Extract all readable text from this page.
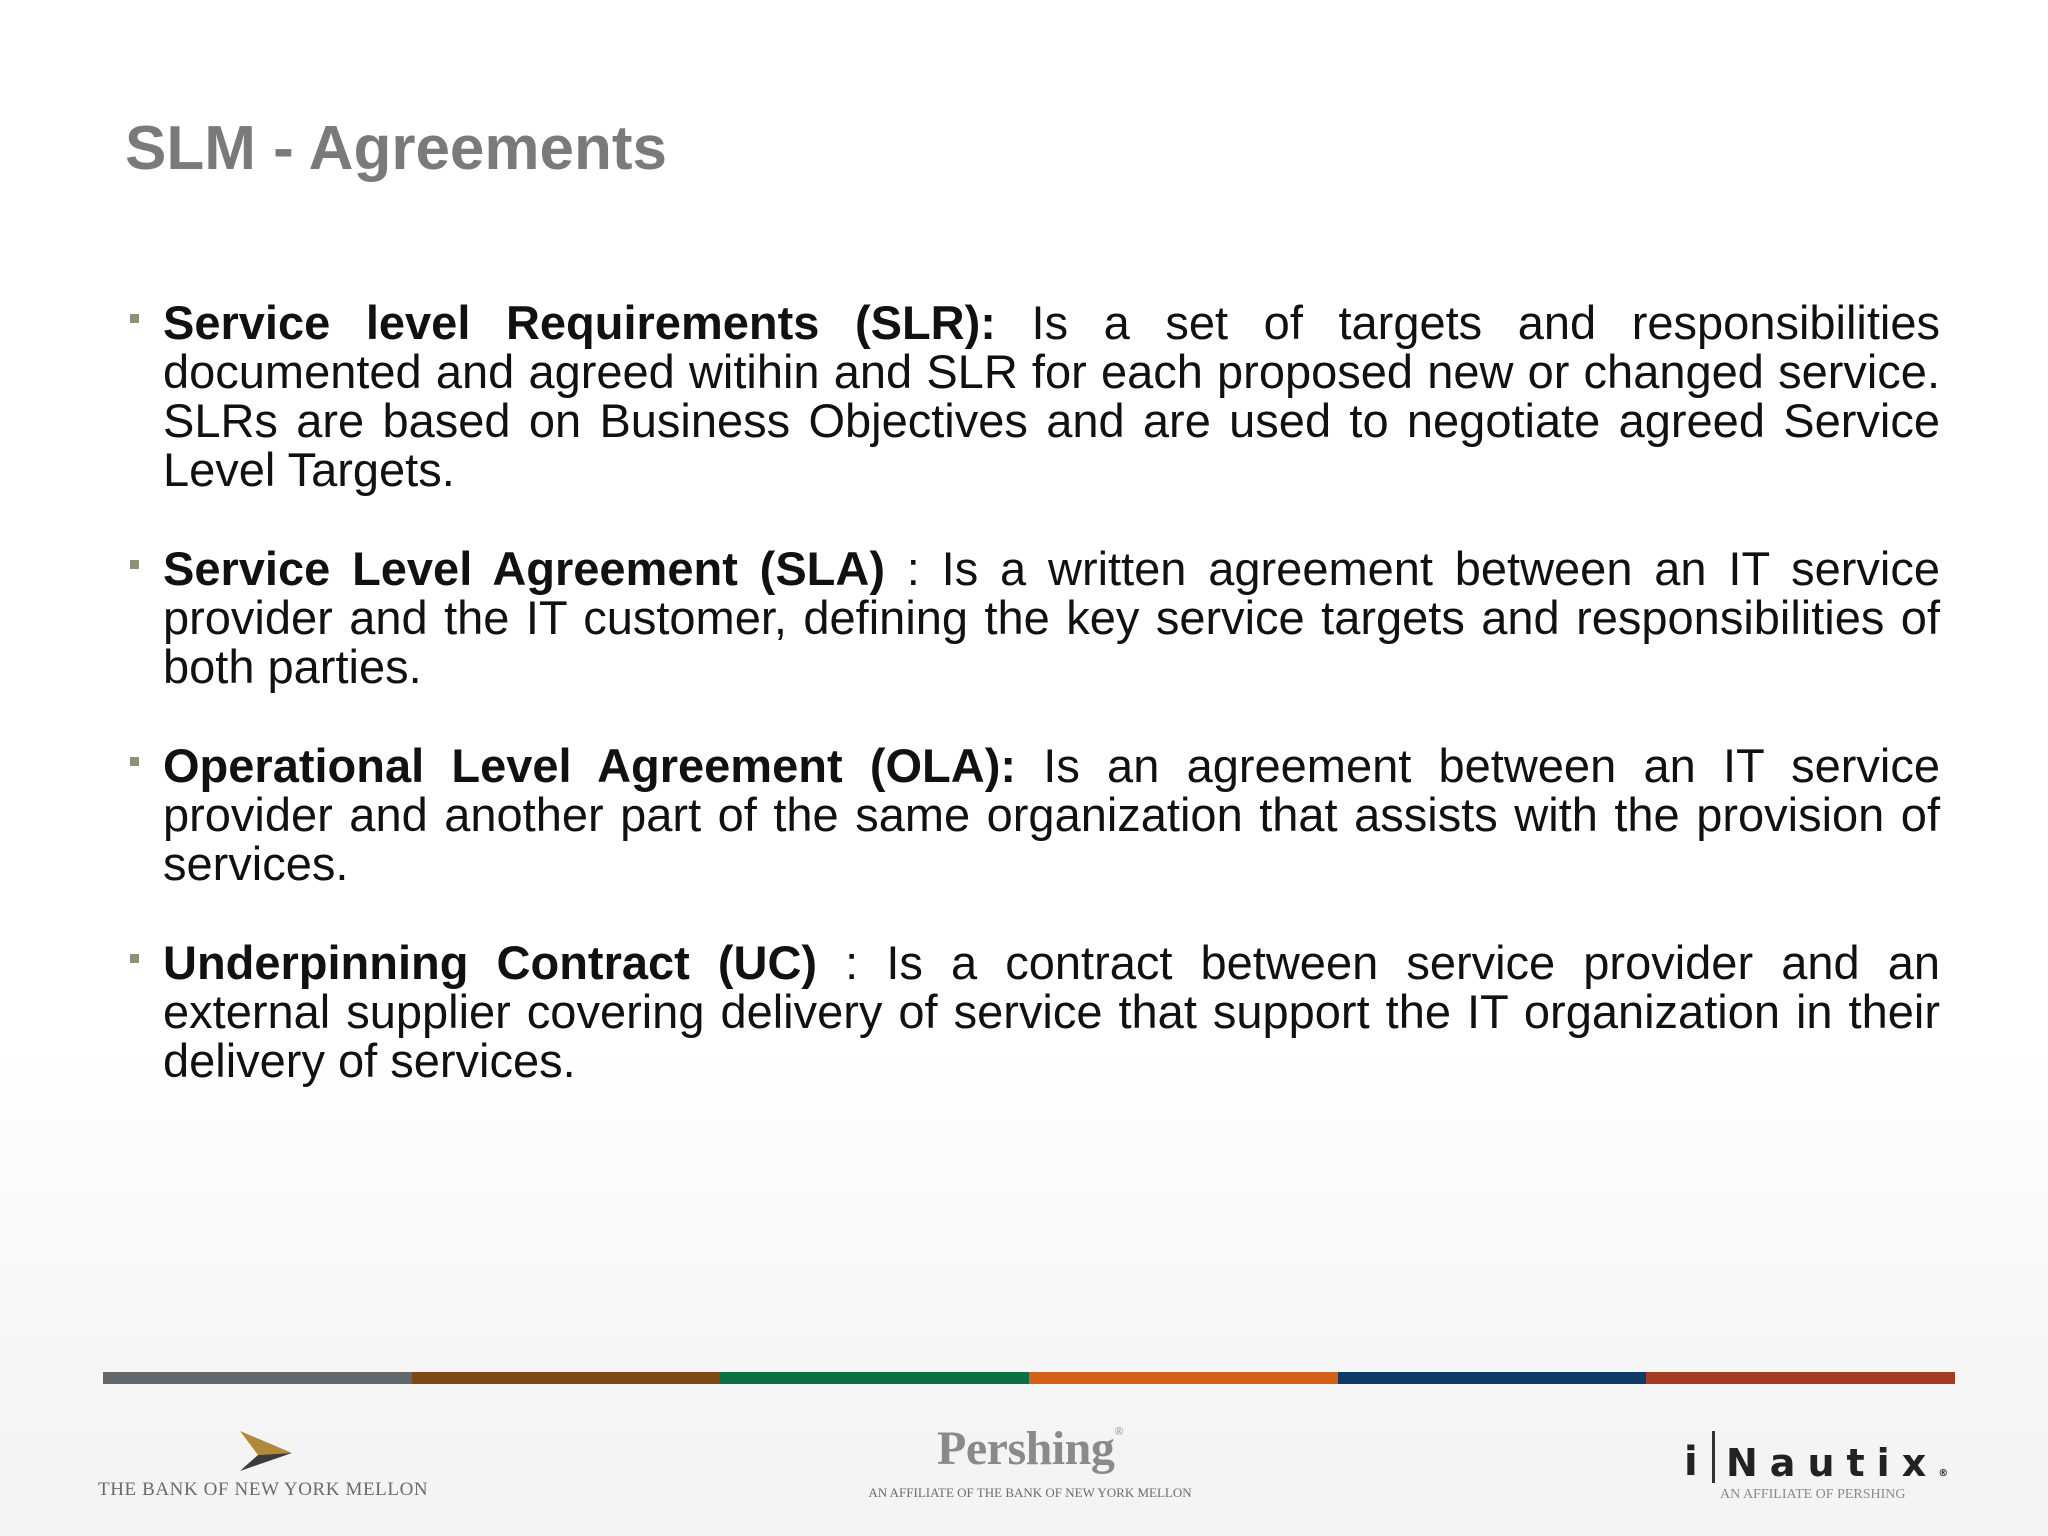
SLM - Agreements
Service level Requirements (SLR): Is a set of targets and responsibilities documented and agreed witihin and SLR for each proposed new or changed service. SLRs are based on Business Objectives and are used to negotiate agreed Service Level Targets.
Service Level Agreement (SLA) : Is a written agreement between an IT service provider and the IT customer, defining the key service targets and responsibilities of both parties.
Operational Level Agreement (OLA): Is an agreement between an IT service provider and another part of the same organization that assists with the provision of services.
Underpinning Contract (UC) : Is a contract between service provider and an external supplier covering delivery of service that support the IT organization in their delivery of services.
THE BANK OF NEW YORK MELLON
Pershing®
AN AFFILIATE OF THE BANK OF NEW YORK MELLON
i Nautix®
AN AFFILIATE OF PERSHING
